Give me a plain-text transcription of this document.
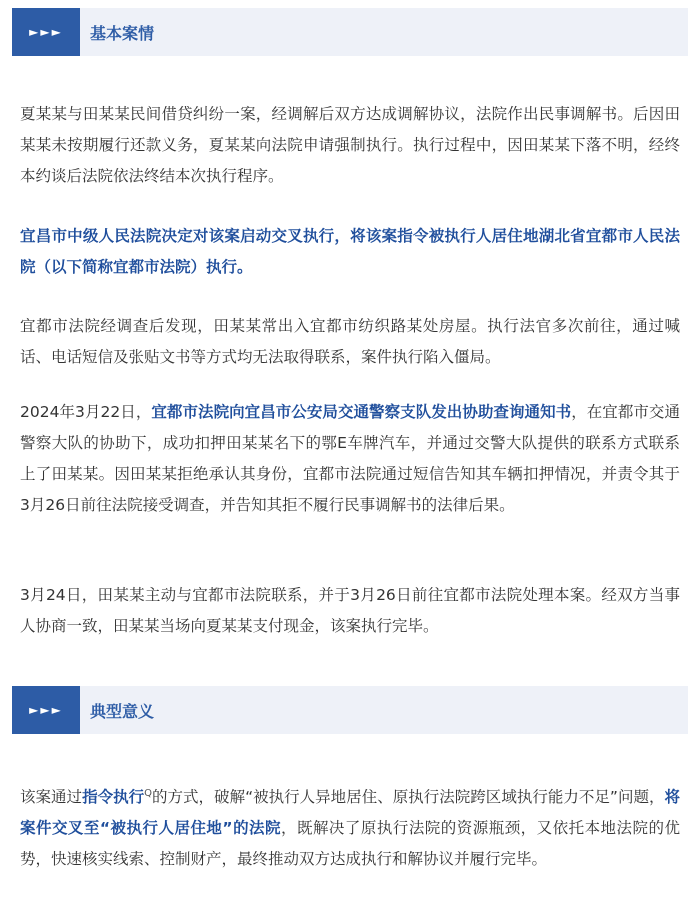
►►►	基本案情

夏某某与田某某民间借贷纠纷一案，经调解后双方达成调解协议，法院作出民事调解书。后因田某某未按期履行还款义务，夏某某向法院申请强制执行。执行过程中，因田某某下落不明，经终本约谈后法院依法终结本次执行程序。

宜昌市中级人民法院决定对该案启动交叉执行，将该案指令被执行人居住地湖北省宜都市人民法院（以下简称宜都市法院）执行。

宜都市法院经调查后发现，田某某常出入宜都市纺织路某处房屋。执行法官多次前往，通过喊话、电话短信及张贴文书等方式均无法取得联系，案件执行陷入僵局。

2024年3月22日，宜都市法院向宜昌市公安局交通警察支队发出协助查询通知书，在宜都市交通警察大队的协助下，成功扣押田某某名下的鄂E车牌汽车，并通过交警大队提供的联系方式联系上了田某某。因田某某拒绝承认其身份，宜都市法院通过短信告知其车辆扣押情况，并责令其于3月26日前往法院接受调查，并告知其拒不履行民事调解书的法律后果。

3月24日，田某某主动与宜都市法院联系，并于3月26日前往宜都市法院处理本案。经双方当事人协商一致，田某某当场向夏某某支付现金，该案执行完毕。

►►►	典型意义

该案通过指令执行$^Q$的方式，破解“被执行人异地居住、原执行法院跨区域执行能力不足”问题，将案件交叉至“被执行人居住地”的法院，既解决了原执行法院的资源瓶颈，又依托本地法院的优势，快速核实线索、控制财产，最终推动双方达成执行和解协议并履行完毕。
